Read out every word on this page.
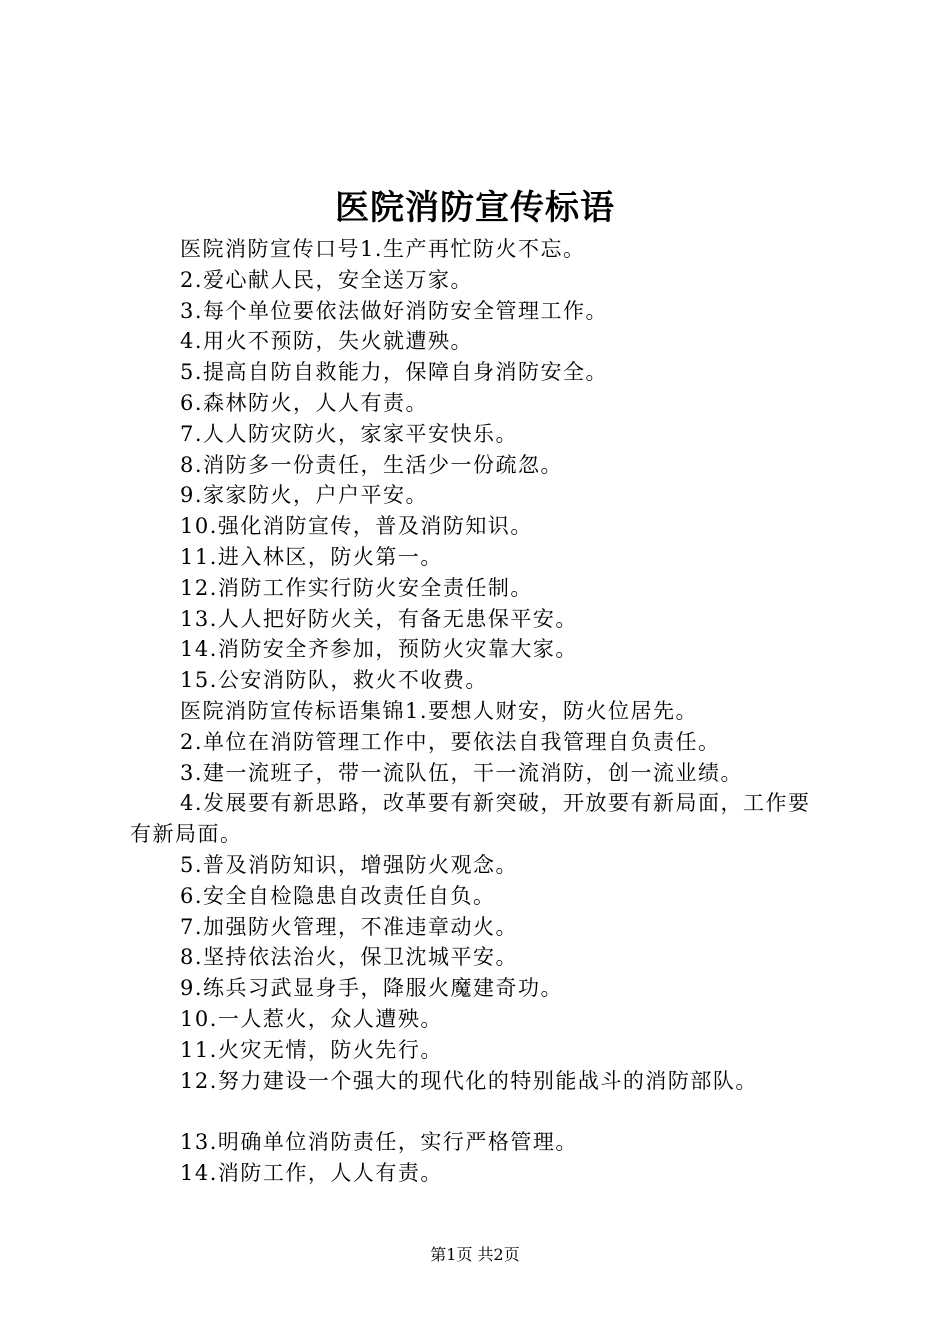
医院消防宣传标语
医院消防宣传口号1.生产再忙防火不忘。
2.爱心献人民，安全送万家。
3.每个单位要依法做好消防安全管理工作。
4.用火不预防，失火就遭殃。
5.提高自防自救能力，保障自身消防安全。
6.森林防火，人人有责。
7.人人防灾防火，家家平安快乐。
8.消防多一份责任，生活少一份疏忽。
9.家家防火，户户平安。
10.强化消防宣传，普及消防知识。
11.进入林区，防火第一。
12.消防工作实行防火安全责任制。
13.人人把好防火关，有备无患保平安。
14.消防安全齐参加，预防火灾靠大家。
15.公安消防队，救火不收费。
医院消防宣传标语集锦1.要想人财安，防火位居先。
2.单位在消防管理工作中，要依法自我管理自负责任。
3.建一流班子，带一流队伍，干一流消防，创一流业绩。
4.发展要有新思路，改革要有新突破，开放要有新局面，工作要有新局面。
5.普及消防知识，增强防火观念。
6.安全自检隐患自改责任自负。
7.加强防火管理，不准违章动火。
8.坚持依法治火，保卫沈城平安。
9.练兵习武显身手，降服火魔建奇功。
10.一人惹火，众人遭殃。
11.火灾无情，防火先行。
12.努力建设一个强大的现代化的特别能战斗的消防部队。
13.明确单位消防责任，实行严格管理。
14.消防工作，人人有责。
第1页 共2页
